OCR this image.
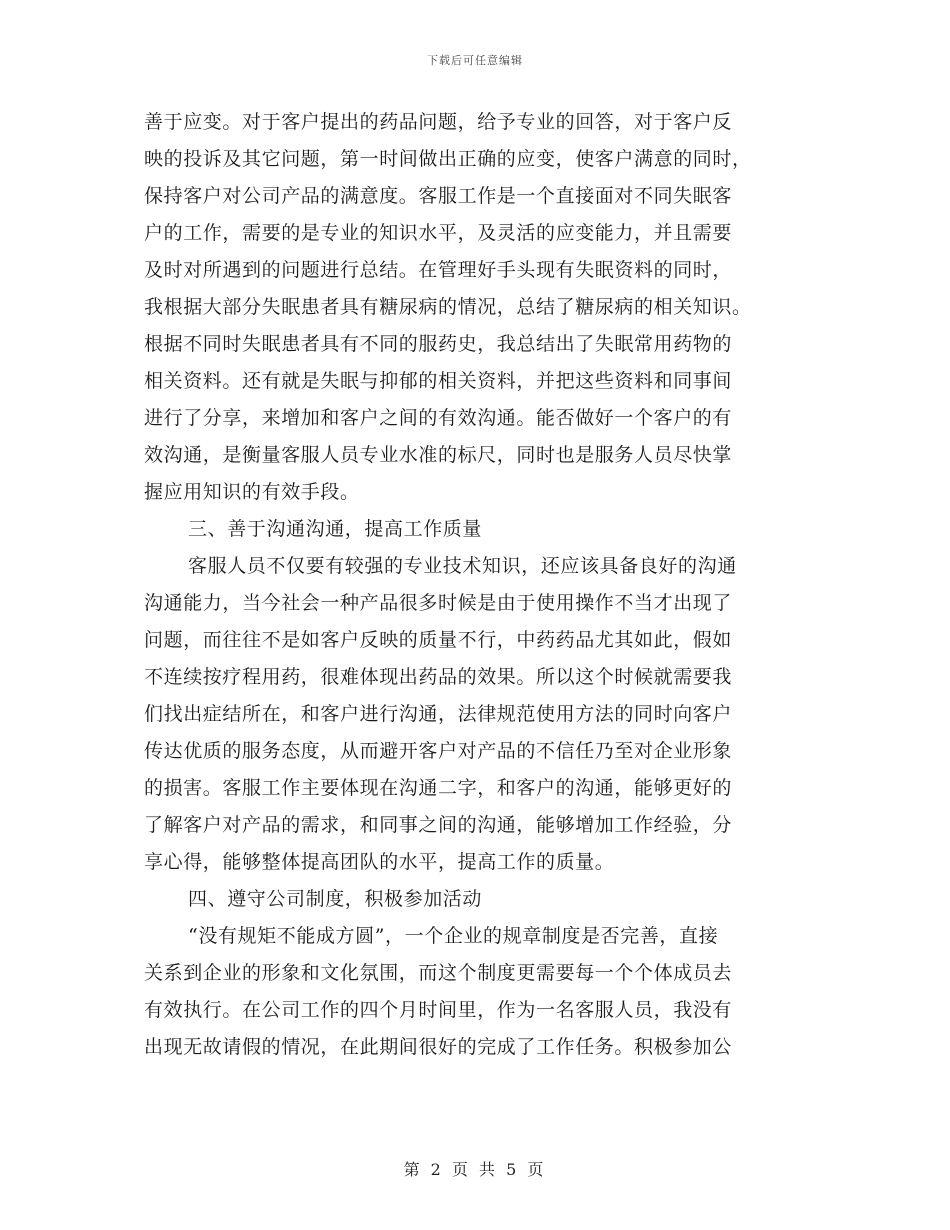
下载后可任意编辑
善于应变。对于客户提出的药品问题，给予专业的回答，对于客户反
映的投诉及其它问题，第一时间做出正确的应变，使客户满意的同时，
保持客户对公司产品的满意度。客服工作是一个直接面对不同失眠客
户的工作，需要的是专业的知识水平，及灵活的应变能力，并且需要
及时对所遇到的问题进行总结。在管理好手头现有失眠资料的同时，
我根据大部分失眠患者具有糖尿病的情况，总结了糖尿病的相关知识。
根据不同时失眠患者具有不同的服药史，我总结出了失眠常用药物的
相关资料。还有就是失眠与抑郁的相关资料，并把这些资料和同事间
进行了分享，来增加和客户之间的有效沟通。能否做好一个客户的有
效沟通，是衡量客服人员专业水准的标尺，同时也是服务人员尽快掌
握应用知识的有效手段。
三、善于沟通沟通，提高工作质量
客服人员不仅要有较强的专业技术知识，还应该具备良好的沟通
沟通能力，当今社会一种产品很多时候是由于使用操作不当才出现了
问题，而往往不是如客户反映的质量不行，中药药品尤其如此，假如
不连续按疗程用药，很难体现出药品的效果。所以这个时候就需要我
们找出症结所在，和客户进行沟通，法律规范使用方法的同时向客户
传达优质的服务态度，从而避开客户对产品的不信任乃至对企业形象
的损害。客服工作主要体现在沟通二字，和客户的沟通，能够更好的
了解客户对产品的需求，和同事之间的沟通，能够增加工作经验，分
享心得，能够整体提高团队的水平，提高工作的质量。
四、遵守公司制度，积极参加活动
“没有规矩不能成方圆”，一个企业的规章制度是否完善，直接
关系到企业的形象和文化氛围，而这个制度更需要每一个个体成员去
有效执行。在公司工作的四个月时间里，作为一名客服人员，我没有
出现无故请假的情况，在此期间很好的完成了工作任务。积极参加公
第 2 页 共 5 页
